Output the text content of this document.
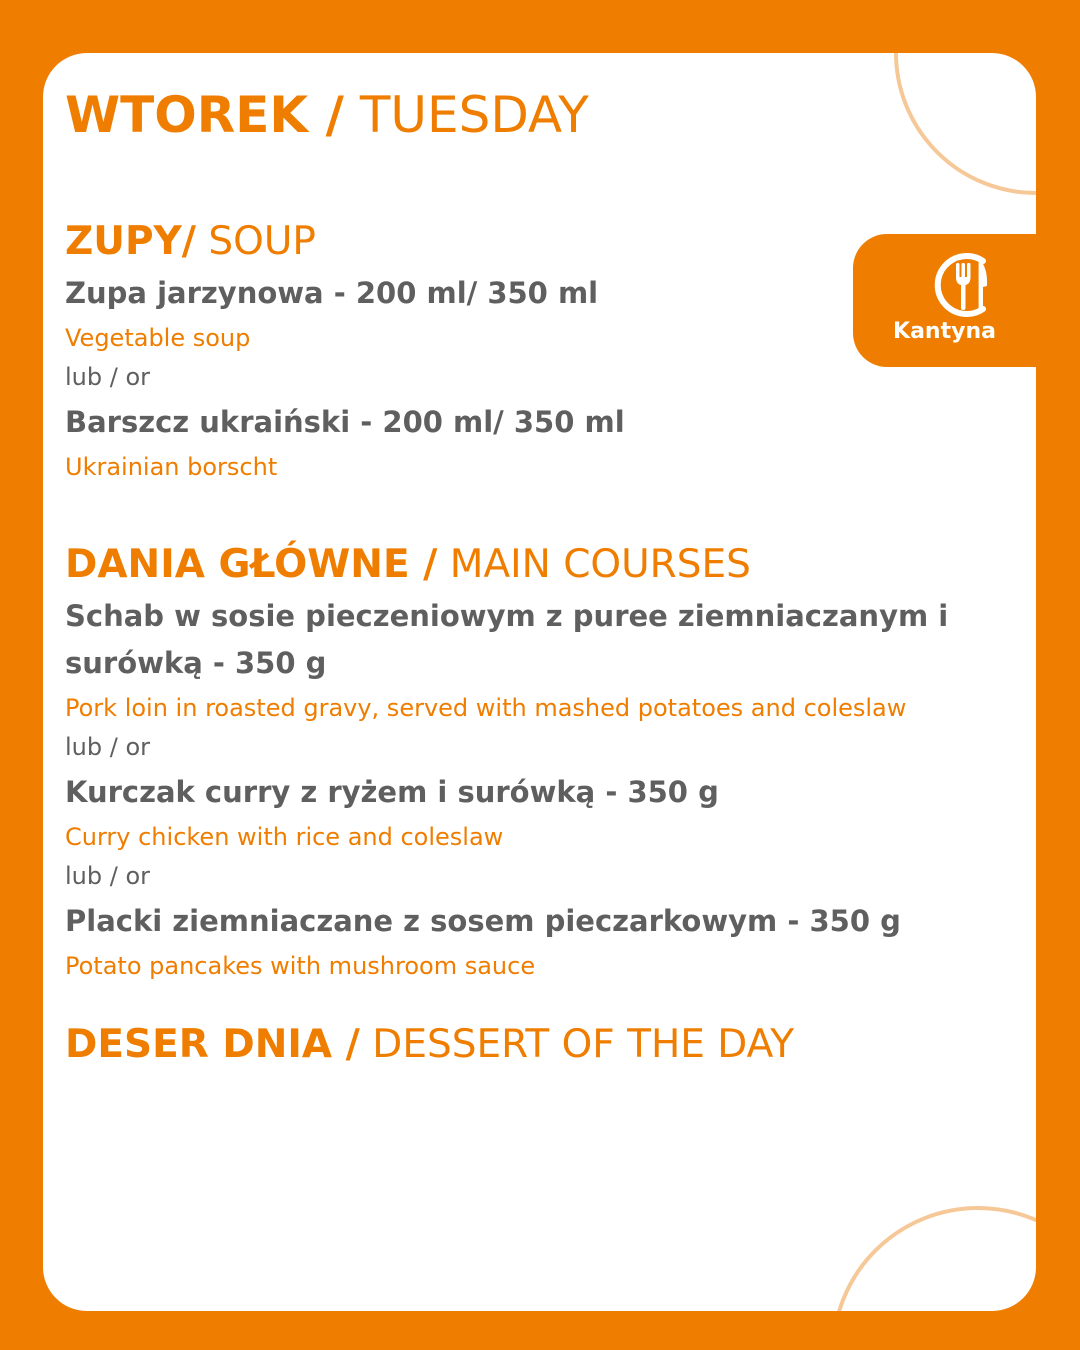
WTOREK / TUESDAY
Kantyna
ZUPY/ SOUP

Zupa jarzynowa - 200 ml/ 350 ml

Vegetable soup

lub / or

Barszcz ukraiński - 200 ml/ 350 ml

Ukrainian borscht

DANIA GŁÓWNE / MAIN COURSES

Schab w sosie pieczeniowym z puree ziemniaczanym i surówką - 350 g

Pork loin in roasted gravy, served with mashed potatoes and coleslaw

lub / or

Kurczak curry z ryżem i surówką - 350 g

Curry chicken with rice and coleslaw

lub / or

Placki ziemniaczane z sosem pieczarkowym - 350 g

Potato pancakes with mushroom sauce

DESER DNIA / DESSERT OF THE DAY
